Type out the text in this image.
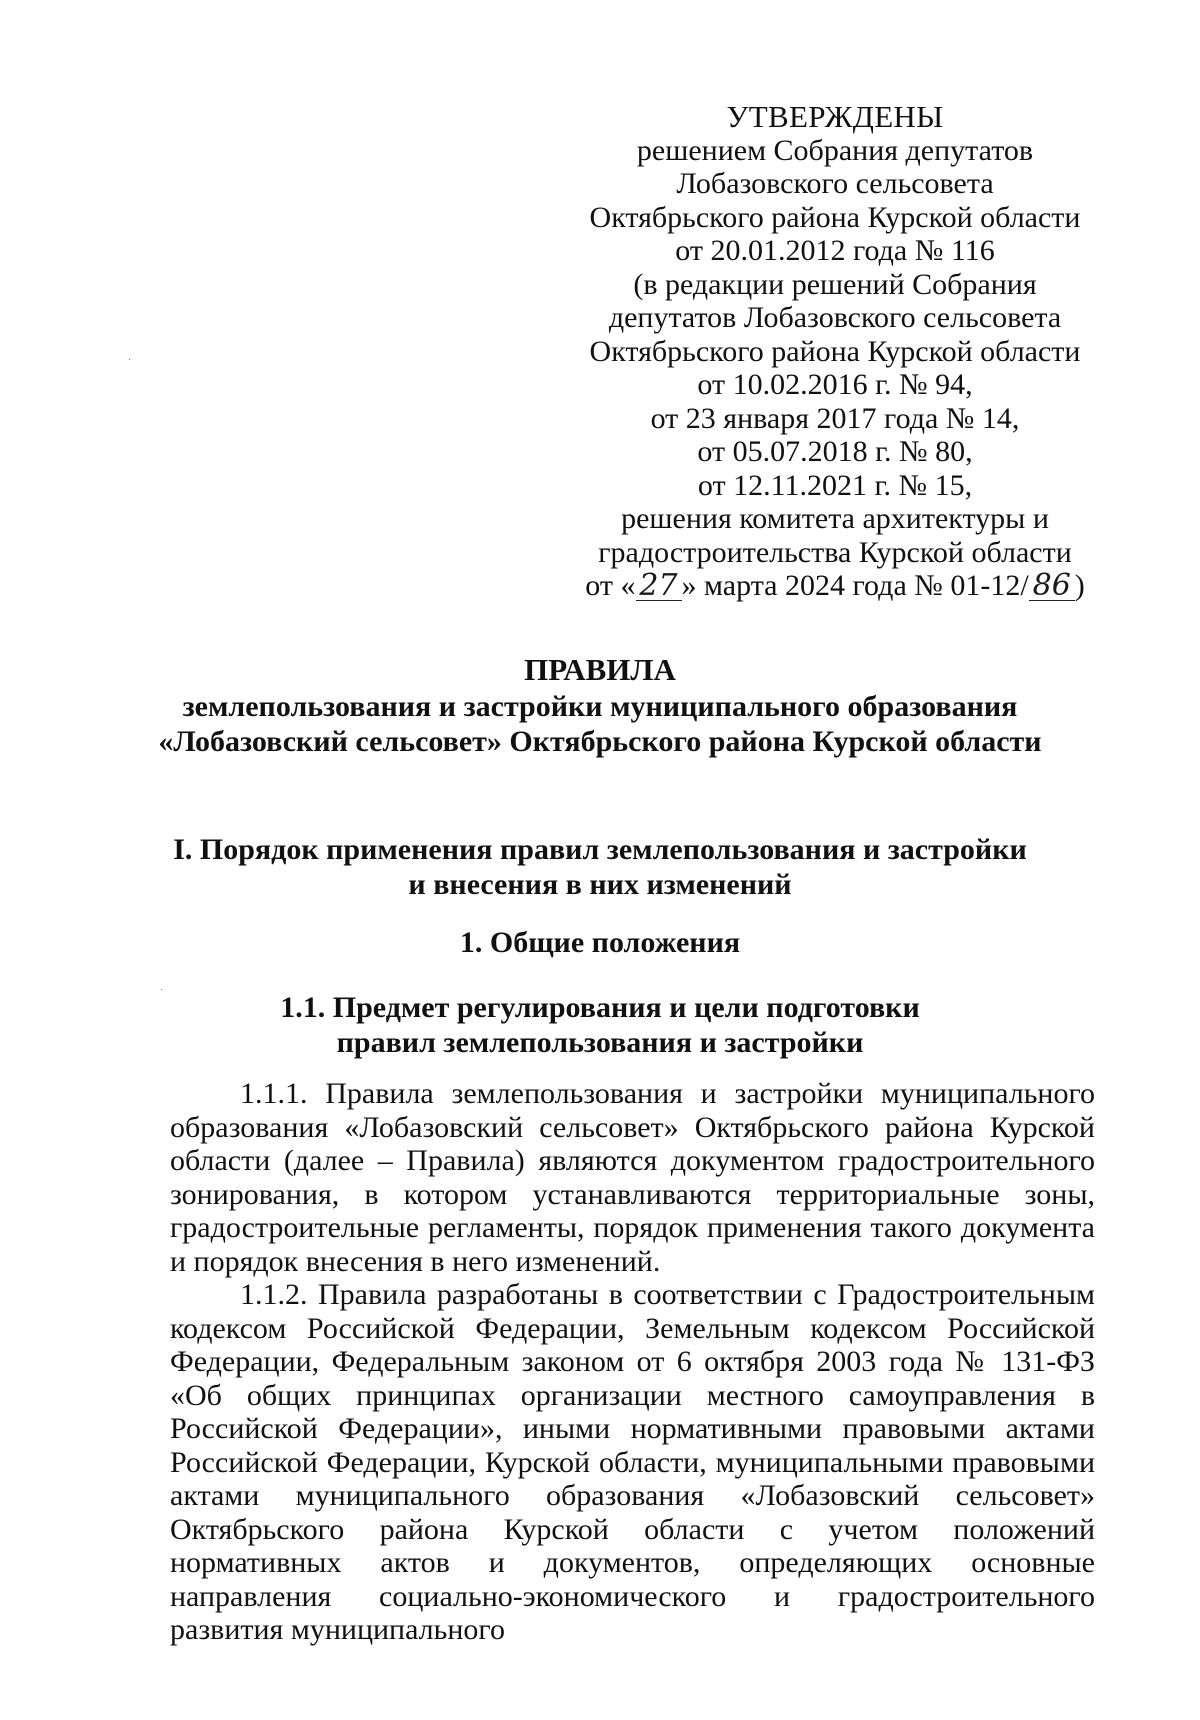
УТВЕРЖДЕНЫ
решением Собрания депутатов
Лобазовского сельсовета
Октябрьского района Курской области
от 20.01.2012 года № 116
(в редакции решений Собрания
депутатов Лобазовского сельсовета
Октябрьского района Курской области
от 10.02.2016 г. № 94,
от 23 января 2017 года № 14,
от 05.07.2018 г. № 80,
от 12.11.2021 г. № 15,
решения комитета архитектуры и
градостроительства Курской области
от « 27 » марта 2024 года № 01-12/ 86 )
ПРАВИЛА
землепользования и застройки муниципального образования
«Лобазовский сельсовет» Октябрьского района Курской области
I. Порядок применения правил землепользования и застройки
и внесения в них изменений
1. Общие положения
1.1. Предмет регулирования и цели подготовки
правил землепользования и застройки

1.1.1. Правила землепользования и застройки муниципального образования «Лобазовский сельсовет» Октябрьского района Курской области (далее – Правила) являются документом градостроительного зонирования, в котором устанавливаются территориальные зоны, градостроительные регламенты, порядок применения такого документа и порядок внесения в него изменений.

1.1.2. Правила разработаны в соответствии с Градостроительным кодексом Российской Федерации, Земельным кодексом Российской Федерации, Федеральным законом от 6 октября 2003 года № 131-ФЗ «Об общих принципах организации местного самоуправления в Российской Федерации», иными нормативными правовыми актами Российской Федерации, Курской области, муниципальными правовыми актами муниципального образования «Лобазовский сельсовет» Октябрьского района Курской области с учетом положений нормативных актов и документов, определяющих основные направления социально-экономического и градостроительного развития муниципального

·
·
